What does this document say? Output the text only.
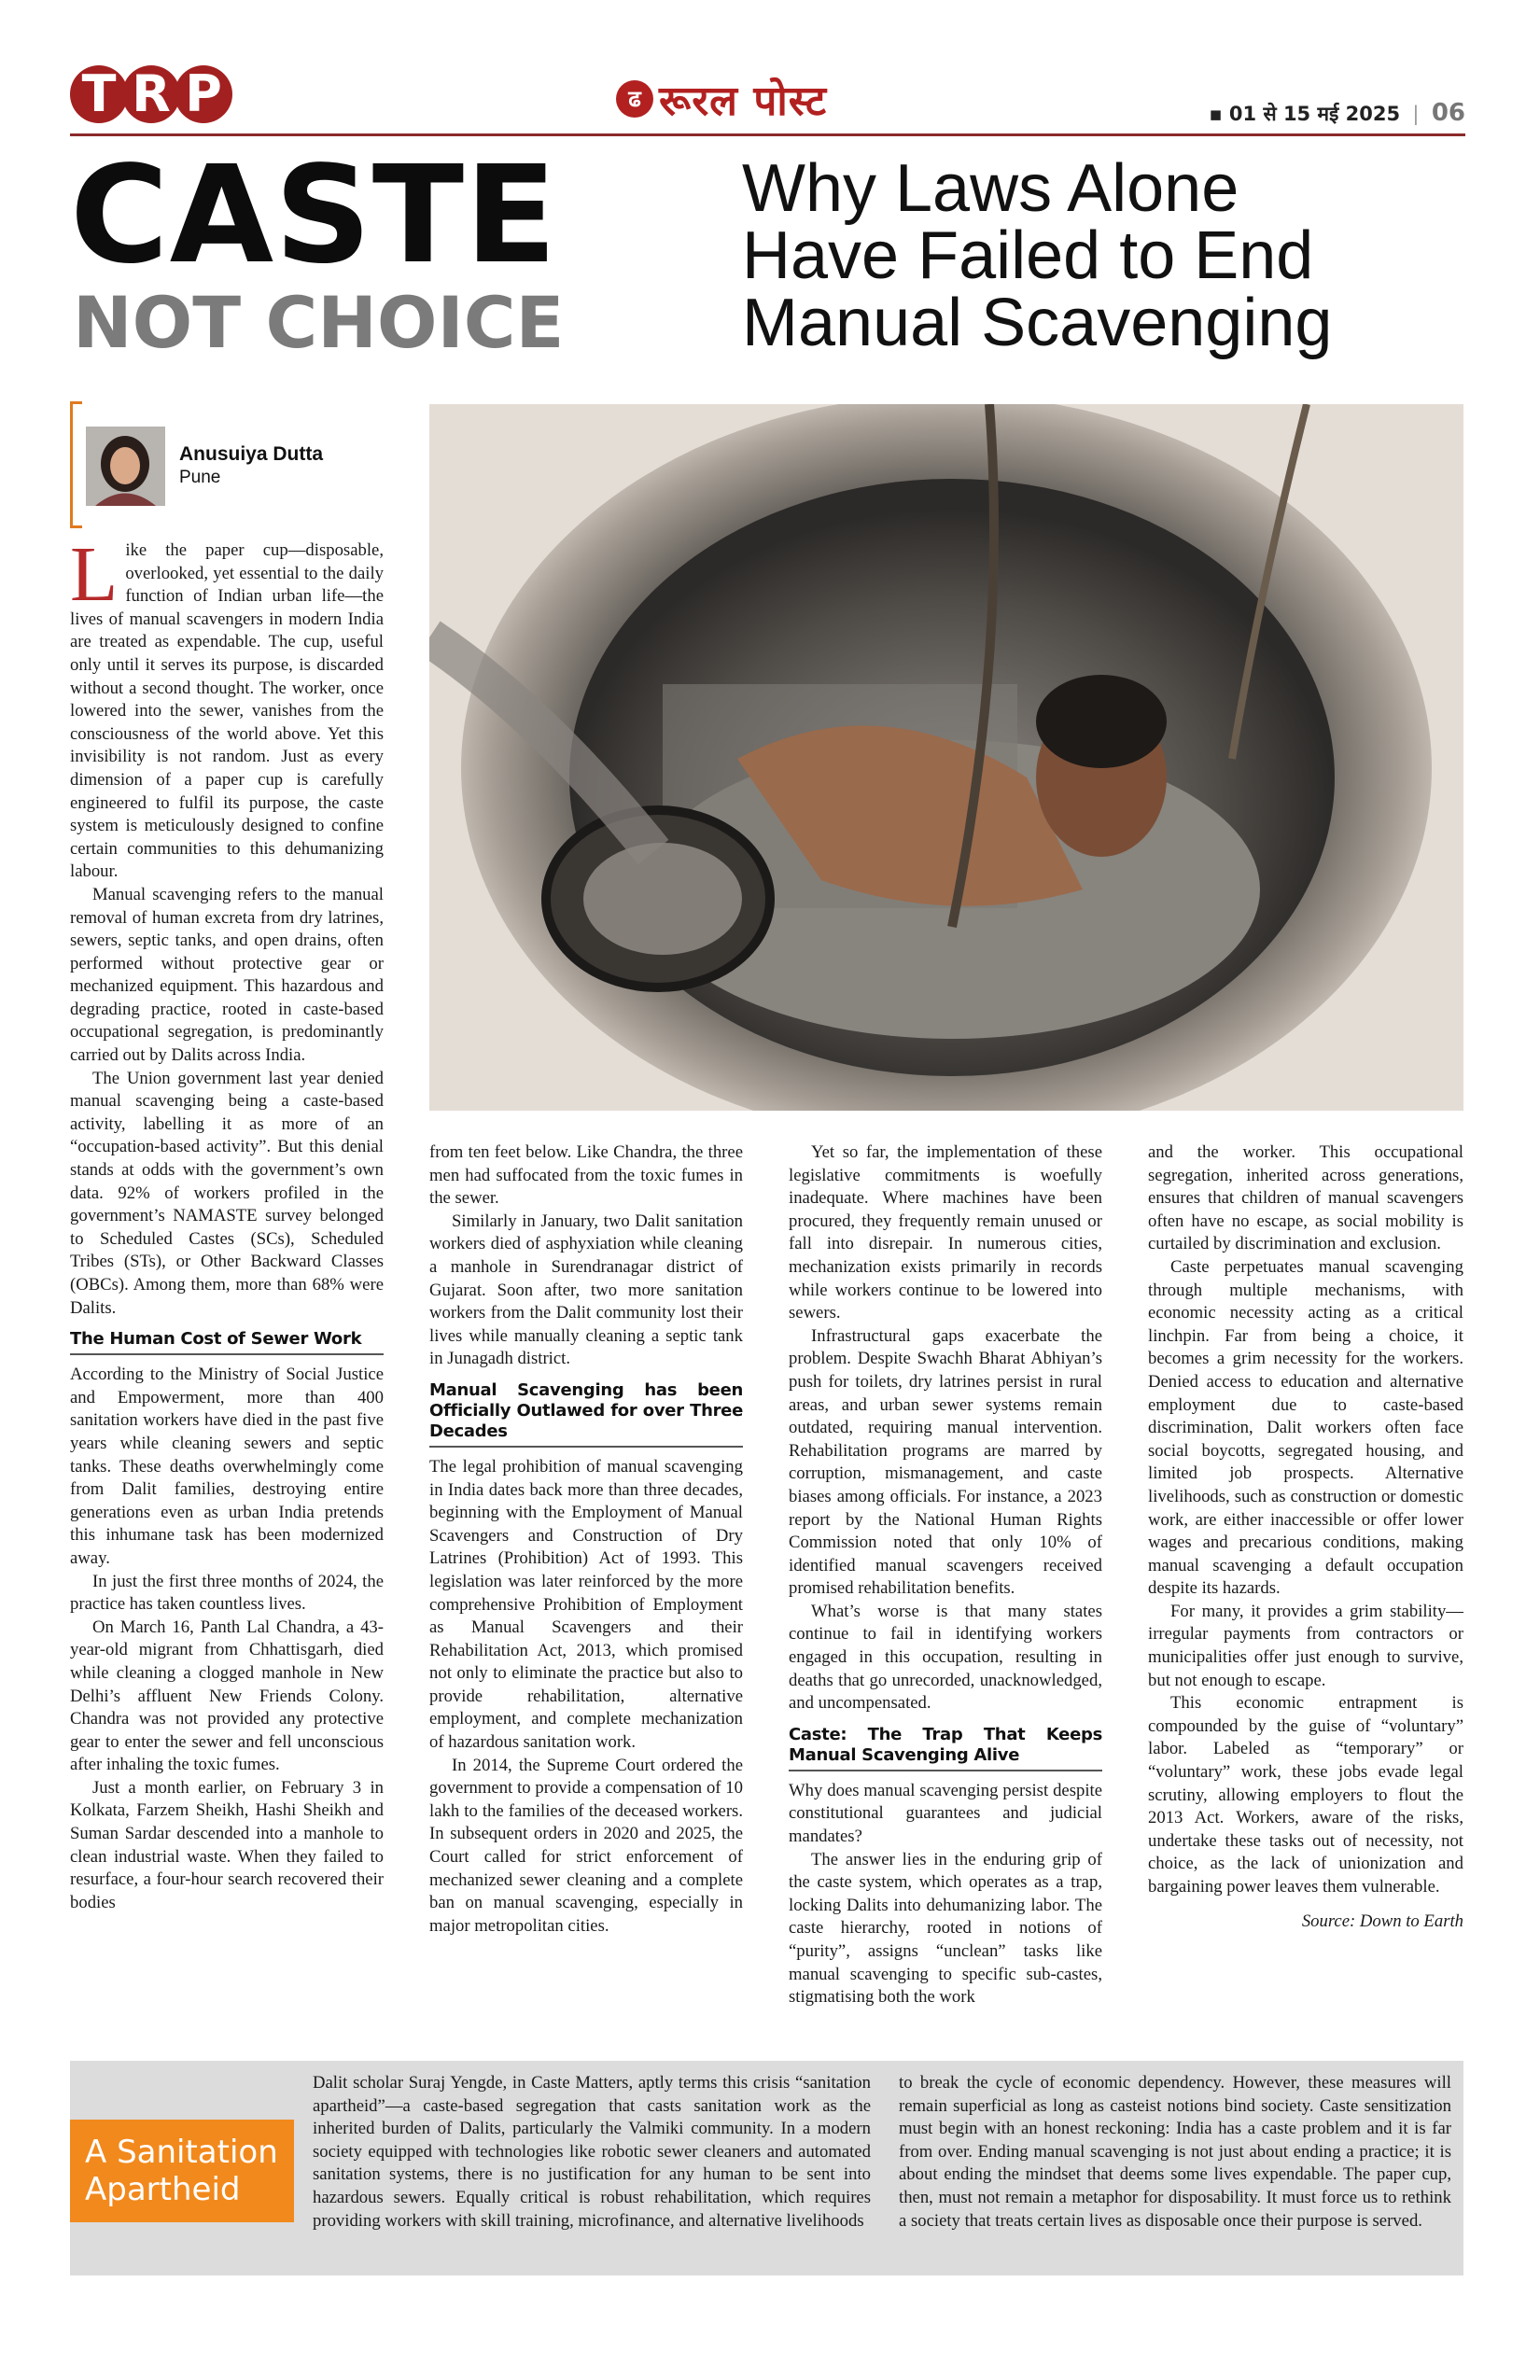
T R P	ढ रूरल पोस्ट	▪ 01 से 15 मई 2025 | 06
CASTE
NOT CHOICE
Why Laws Alone
Have Failed to End
Manual Scavenging
Anusuiya Dutta
Pune

Like the paper cup—disposable, overlooked, yet essential to the daily function of Indian urban life—the lives of manual scavengers in modern India are treated as expendable. The cup, useful only until it serves its purpose, is discarded without a second thought. The worker, once lowered into the sewer, vanishes from the consciousness of the world above. Yet this invisibility is not random. Just as every dimension of a paper cup is carefully engineered to fulfil its purpose, the caste system is meticulously designed to confine certain communities to this dehumanizing labour.

Manual scavenging refers to the manual removal of human excreta from dry latrines, sewers, septic tanks, and open drains, often performed without protective gear or mechanized equipment. This hazardous and degrading practice, rooted in caste-based occupational segregation, is predominantly carried out by Dalits across India.

The Union government last year denied manual scavenging being a caste-based activity, labelling it as more of an “occupation-based activity”. But this denial stands at odds with the government’s own data. 92% of workers profiled in the government’s NAMASTE survey belonged to Scheduled Castes (SCs), Scheduled Tribes (STs), or Other Backward Classes (OBCs). Among them, more than 68% were Dalits.

The Human Cost of Sewer Work

According to the Ministry of Social Justice and Empowerment, more than 400 sanitation workers have died in the past five years while cleaning sewers and septic tanks. These deaths overwhelmingly come from Dalit families, destroying entire generations even as urban India pretends this inhumane task has been modernized away.

In just the first three months of 2024, the practice has taken countless lives.

On March 16, Panth Lal Chandra, a 43-year-old migrant from Chhattisgarh, died while cleaning a clogged manhole in New Delhi’s affluent New Friends Colony. Chandra was not provided any protective gear to enter the sewer and fell unconscious after inhaling the toxic fumes.

Just a month earlier, on February 3 in Kolkata, Farzem Sheikh, Hashi Sheikh and Suman Sardar descended into a manhole to clean industrial waste. When they failed to resurface, a four-hour search recovered their bodies

from ten feet below. Like Chandra, the three men had suffocated from the toxic fumes in the sewer.

Similarly in January, two Dalit sanitation workers died of asphyxiation while cleaning a manhole in Surendranagar district of Gujarat. Soon after, two more sanitation workers from the Dalit community lost their lives while manually cleaning a septic tank in Junagadh district.

Manual Scavenging has been Officially Outlawed for over Three Decades

The legal prohibition of manual scavenging in India dates back more than three decades, beginning with the Employment of Manual Scavengers and Construction of Dry Latrines (Prohibition) Act of 1993. This legislation was later reinforced by the more comprehensive Prohibition of Employment as Manual Scavengers and their Rehabilitation Act, 2013, which promised not only to eliminate the practice but also to provide rehabilitation, alternative employment, and complete mechanization of hazardous sanitation work.

In 2014, the Supreme Court ordered the government to provide a compensation of 10 lakh to the families of the deceased workers. In subsequent orders in 2020 and 2025, the Court called for strict enforcement of mechanized sewer cleaning and a complete ban on manual scavenging, especially in major metropolitan cities.

Yet so far, the implementation of these legislative commitments is woefully inadequate. Where machines have been procured, they frequently remain unused or fall into disrepair. In numerous cities, mechanization exists primarily in records while workers continue to be lowered into sewers.

Infrastructural gaps exacerbate the problem. Despite Swachh Bharat Abhiyan’s push for toilets, dry latrines persist in rural areas, and urban sewer systems remain outdated, requiring manual intervention. Rehabilitation programs are marred by corruption, mismanagement, and caste biases among officials. For instance, a 2023 report by the National Human Rights Commission noted that only 10% of identified manual scavengers received promised rehabilitation benefits.

What’s worse is that many states continue to fail in identifying workers engaged in this occupation, resulting in deaths that go unrecorded, unacknowledged, and uncompensated.

Caste: The Trap That Keeps Manual Scavenging Alive

Why does manual scavenging persist despite constitutional guarantees and judicial mandates?

The answer lies in the enduring grip of the caste system, which operates as a trap, locking Dalits into dehumanizing labor. The caste hierarchy, rooted in notions of “purity”, assigns “unclean” tasks like manual scavenging to specific sub-castes, stigmatising both the work

and the worker. This occupational segregation, inherited across generations, ensures that children of manual scavengers often have no escape, as social mobility is curtailed by discrimination and exclusion.

Caste perpetuates manual scavenging through multiple mechanisms, with economic necessity acting as a critical linchpin. Far from being a choice, it becomes a grim necessity for the workers. Denied access to education and alternative employment due to caste-based discrimination, Dalit workers often face social boycotts, segregated housing, and limited job prospects. Alternative livelihoods, such as construction or domestic work, are either inaccessible or offer lower wages and precarious conditions, making manual scavenging a default occupation despite its hazards.

For many, it provides a grim stability—irregular payments from contractors or municipalities offer just enough to survive, but not enough to escape.

This economic entrapment is compounded by the guise of “voluntary” labor. Labeled as “temporary” or “voluntary” work, these jobs evade legal scrutiny, allowing employers to flout the 2013 Act. Workers, aware of the risks, undertake these tasks out of necessity, not choice, as the lack of unionization and bargaining power leaves them vulnerable.

Source: Down to Earth
A Sanitation
Apartheid
Dalit scholar Suraj Yengde, in Caste Matters, aptly terms this crisis “sanitation apartheid”—a caste-based segregation that casts sanitation work as the inherited burden of Dalits, particularly the Valmiki community. In a modern society equipped with technologies like robotic sewer cleaners and automated sanitation systems, there is no justification for any human to be sent into hazardous sewers. Equally critical is robust rehabilitation, which requires providing workers with skill training, microfinance, and alternative livelihoods
to break the cycle of economic dependency. However, these measures will remain superficial as long as casteist notions bind society. Caste sensitization must begin with an honest reckoning: India has a caste problem and it is far from over. Ending manual scavenging is not just about ending a practice; it is about ending the mindset that deems some lives expendable. The paper cup, then, must not remain a metaphor for disposability. It must force us to rethink a society that treats certain lives as disposable once their purpose is served.
